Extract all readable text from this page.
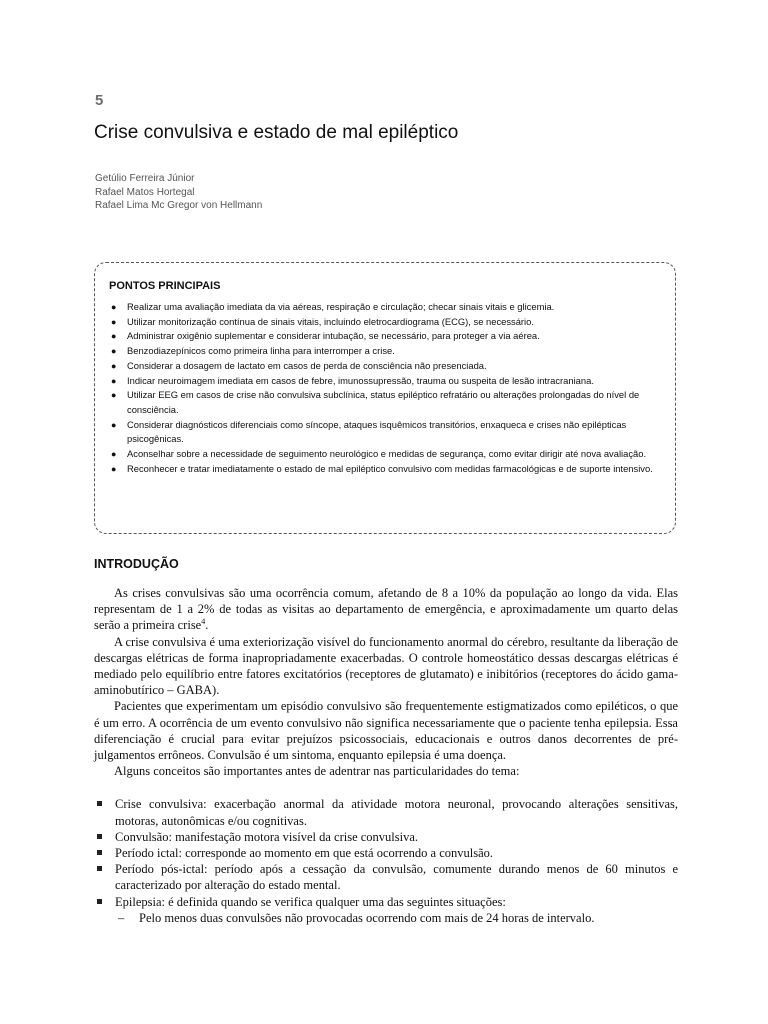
5
Crise convulsiva e estado de mal epiléptico
Getúlio Ferreira Júnior
Rafael Matos Hortegal
Rafael Lima Mc Gregor von Hellmann
PONTOS PRINCIPAIS
● Realizar uma avaliação imediata da via aéreas, respiração e circulação; checar sinais vitais e glicemia.
● Utilizar monitorização contínua de sinais vitais, incluindo eletrocardiograma (ECG), se necessário.
● Administrar oxigênio suplementar e considerar intubação, se necessário, para proteger a via aérea.
● Benzodiazepínicos como primeira linha para interromper a crise.
● Considerar a dosagem de lactato em casos de perda de consciência não presenciada.
● Indicar neuroimagem imediata em casos de febre, imunossupressão, trauma ou suspeita de lesão intracraniana.
● Utilizar EEG em casos de crise não convulsiva subclínica, status epiléptico refratário ou alterações prolongadas do nível de consciência.
● Considerar diagnósticos diferenciais como síncope, ataques isquêmicos transitórios, enxaqueca e crises não epilépticas psicogênicas.
● Aconselhar sobre a necessidade de seguimento neurológico e medidas de segurança, como evitar dirigir até nova avaliação.
● Reconhecer e tratar imediatamente o estado de mal epiléptico convulsivo com medidas farmacológicas e de suporte intensivo.
INTRODUÇÃO

As crises convulsivas são uma ocorrência comum, afetando de 8 a 10% da população ao longo da vida. Elas representam de 1 a 2% de todas as visitas ao departamento de emergência, e aproximadamente um quarto delas serão a primeira crise$^4$.

A crise convulsiva é uma exteriorização visível do funcionamento anormal do cérebro, resultante da liberação de descargas elétricas de forma inapropriadamente exacerbadas. O controle homeostático dessas descargas elétricas é mediado pelo equilíbrio entre fatores excitatórios (receptores de glutamato) e inibitórios (receptores do ácido gama-aminobutírico – GABA).

Pacientes que experimentam um episódio convulsivo são frequentemente estigmatizados como epiléticos, o que é um erro. A ocorrência de um evento convulsivo não significa necessariamente que o paciente tenha epilepsia. Essa diferenciação é crucial para evitar prejuízos psicossociais, educacionais e outros danos decorrentes de pré-julgamentos errôneos. Convulsão é um sintoma, enquanto epilepsia é uma doença.

Alguns conceitos são importantes antes de adentrar nas particularidades do tema:

Crise convulsiva: exacerbação anormal da atividade motora neuronal, provocando alterações sensitivas, motoras, autonômicas e/ou cognitivas.
Convulsão: manifestação motora visível da crise convulsiva.
Período ictal: corresponde ao momento em que está ocorrendo a convulsão.
Período pós-ictal: período após a cessação da convulsão, comumente durando menos de 60 minutos e caracterizado por alteração do estado mental.
Epilepsia: é definida quando se verifica qualquer uma das seguintes situações:
– Pelo menos duas convulsões não provocadas ocorrendo com mais de 24 horas de intervalo.
